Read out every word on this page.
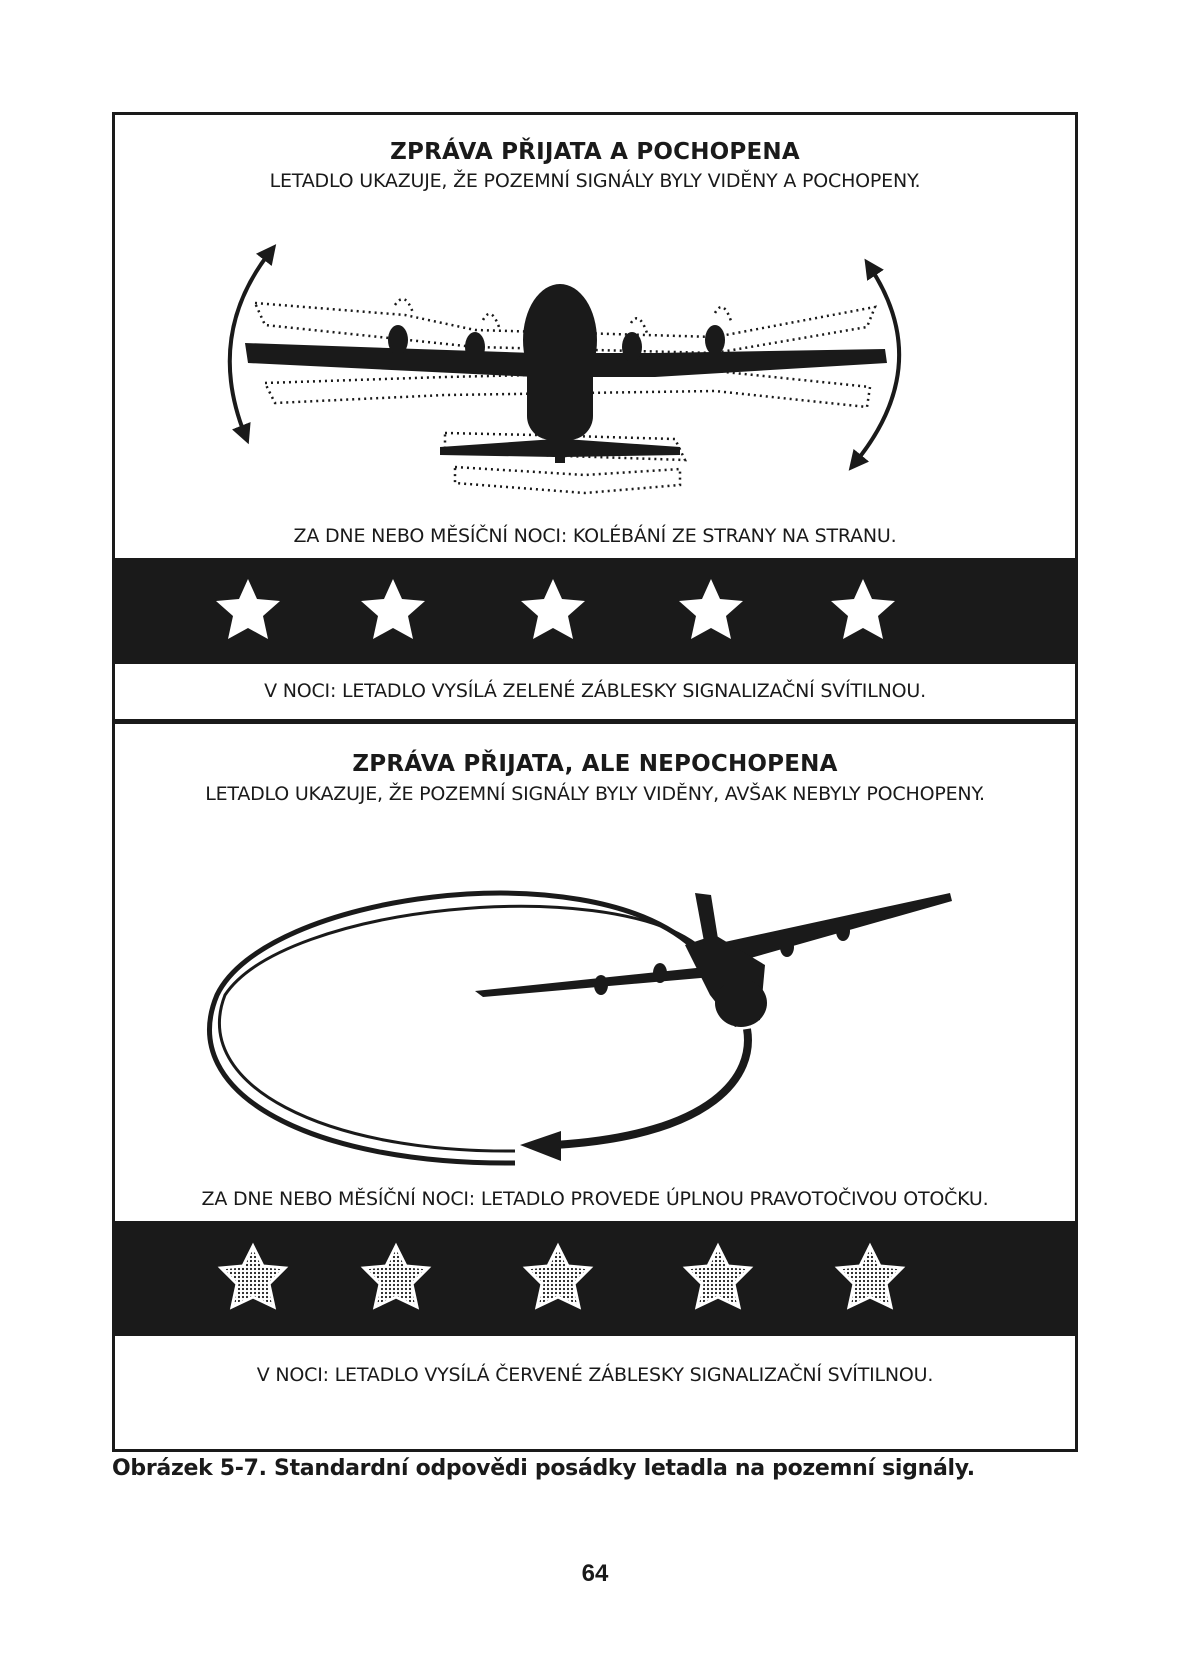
ZPRÁVA PŘIJATA A POCHOPENA
LETADLO UKAZUJE, ŽE POZEMNÍ SIGNÁLY BYLY VIDĚNY A POCHOPENY.
ZA DNE NEBO MĚSÍČNÍ NOCI: KOLÉBÁNÍ ZE STRANY NA STRANU.
V NOCI: LETADLO VYSÍLÁ ZELENÉ ZÁBLESKY SIGNALIZAČNÍ SVÍTILNOU.
ZPRÁVA PŘIJATA, ALE NEPOCHOPENA
LETADLO UKAZUJE, ŽE POZEMNÍ SIGNÁLY BYLY VIDĚNY, AVŠAK NEBYLY POCHOPENY.
ZA DNE NEBO MĚSÍČNÍ NOCI: LETADLO PROVEDE ÚPLNOU PRAVOTOČIVOU OTOČKU.
V NOCI: LETADLO VYSÍLÁ ČERVENÉ ZÁBLESKY SIGNALIZAČNÍ SVÍTILNOU.
Obrázek 5-7. Standardní odpovědi posádky letadla na pozemní signály.
64
